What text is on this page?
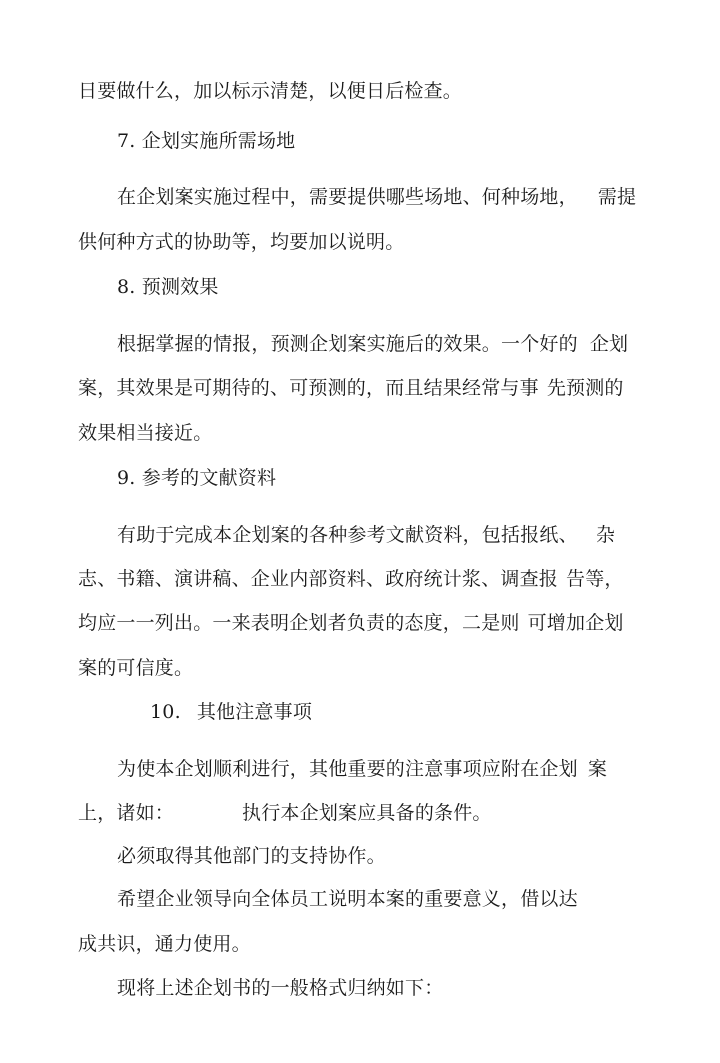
日要做什么，加以标示清楚，以便日后检查。

7. 企划实施所需场地

在企划案实施过程中，需要提供哪些场地、何种场地， 需提

供何种方式的协助等，均要加以说明。

8. 预测效果

根据掌握的情报，预测企划案实施后的效果。一个好的 企划

案，其效果是可期待的、可预测的，而且结果经常与事 先预测的

效果相当接近。

9. 参考的文献资料

有助于完成本企划案的各种参考文献资料，包括报纸、 杂

志、书籍、演讲稿、企业内部资料、政府统计浆、调查报 告等，

均应一一列出。一来表明企划者负责的态度，二是则 可增加企划

案的可信度。

10. 其他注意事项

为使本企划顺利进行，其他重要的注意事项应附在企划 案

上，诸如：	执行本企划案应具备的条件。

必须取得其他部门的支持协作。

希望企业领导向全体员工说明本案的重要意义，借以达

成共识，通力使用。

现将上述企划书的一般格式归纳如下：
